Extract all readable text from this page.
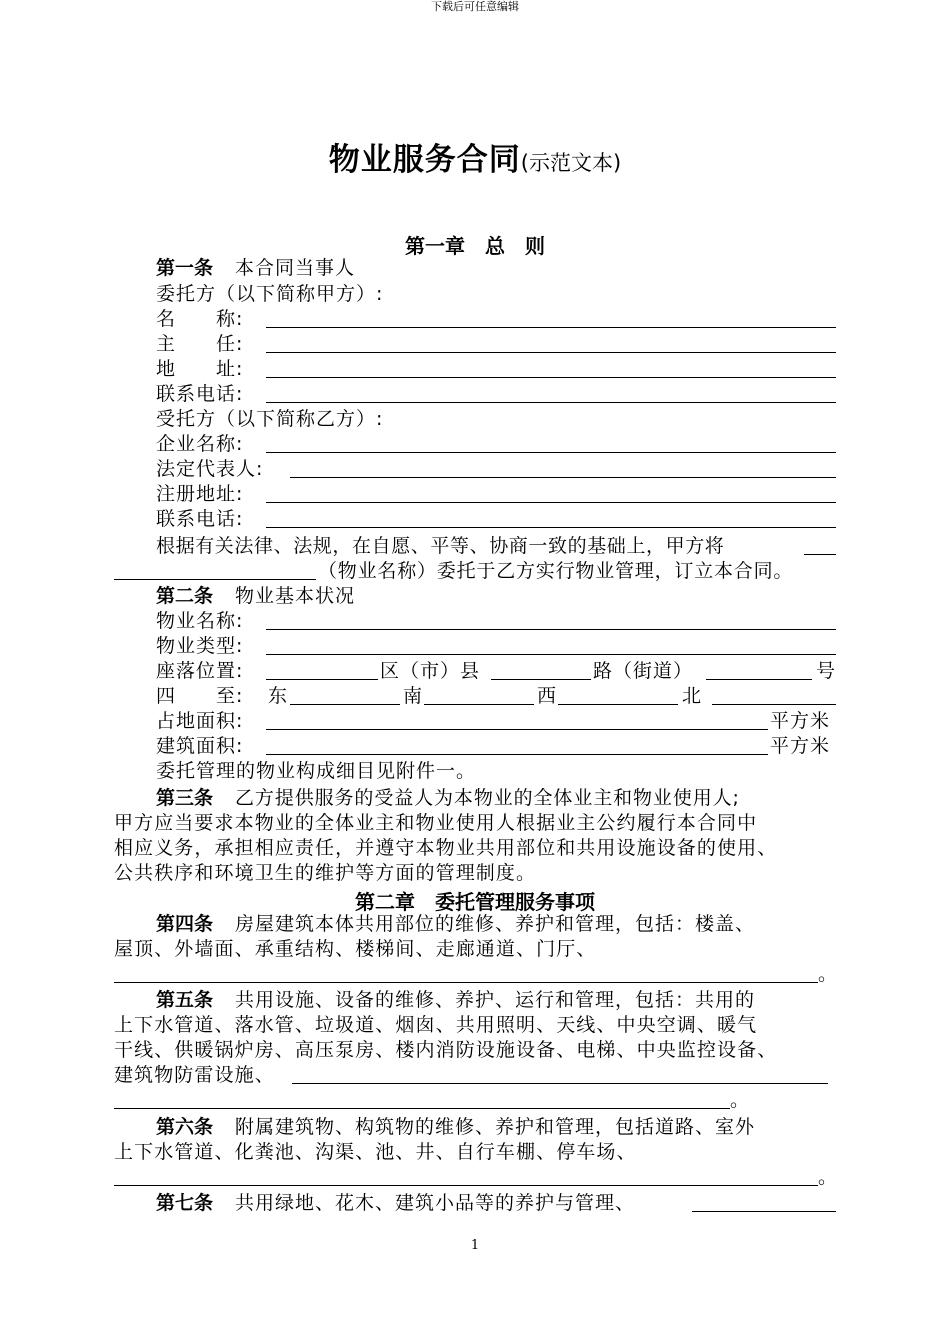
下载后可任意编辑
物业服务合同(示范文本)
第一章　总　则
第一条 本合同当事人
委托方（以下简称甲方）:
名　　称:
主　　任:
地　　址:
联系电话:
受托方（以下简称乙方）:
企业名称:
法定代表人:
注册地址:
联系电话:
根据有关法律、法规，在自愿、平等、协商一致的基础上，甲方将
（物业名称）委托于乙方实行物业管理，订立本合同。
第二条 物业基本状况
物业名称:
物业类型:
座落位置:	区（市）县	路（街道）	号
四　　至: 东	南	西	北
占地面积:	平方米
建筑面积:	平方米
委托管理的物业构成细目见附件一。
第三条 乙方提供服务的受益人为本物业的全体业主和物业使用人;
甲方应当要求本物业的全体业主和物业使用人根据业主公约履行本合同中
相应义务，承担相应责任，并遵守本物业共用部位和共用设施设备的使用、
公共秩序和环境卫生的维护等方面的管理制度。
第二章　委托管理服务事项
第四条 房屋建筑本体共用部位的维修、养护和管理，包括：楼盖、
屋顶、外墙面、承重结构、楼梯间、走廊通道、门厅、
。
第五条 共用设施、设备的维修、养护、运行和管理，包括：共用的
上下水管道、落水管、垃圾道、烟囱、共用照明、天线、中央空调、暖气
干线、供暖锅炉房、高压泵房、楼内消防设施设备、电梯、中央监控设备、
建筑物防雷设施、
。
第六条 附属建筑物、构筑物的维修、养护和管理，包括道路、室外
上下水管道、化粪池、沟渠、池、井、自行车棚、停车场、
。
第七条 共用绿地、花木、建筑小品等的养护与管理、
1
